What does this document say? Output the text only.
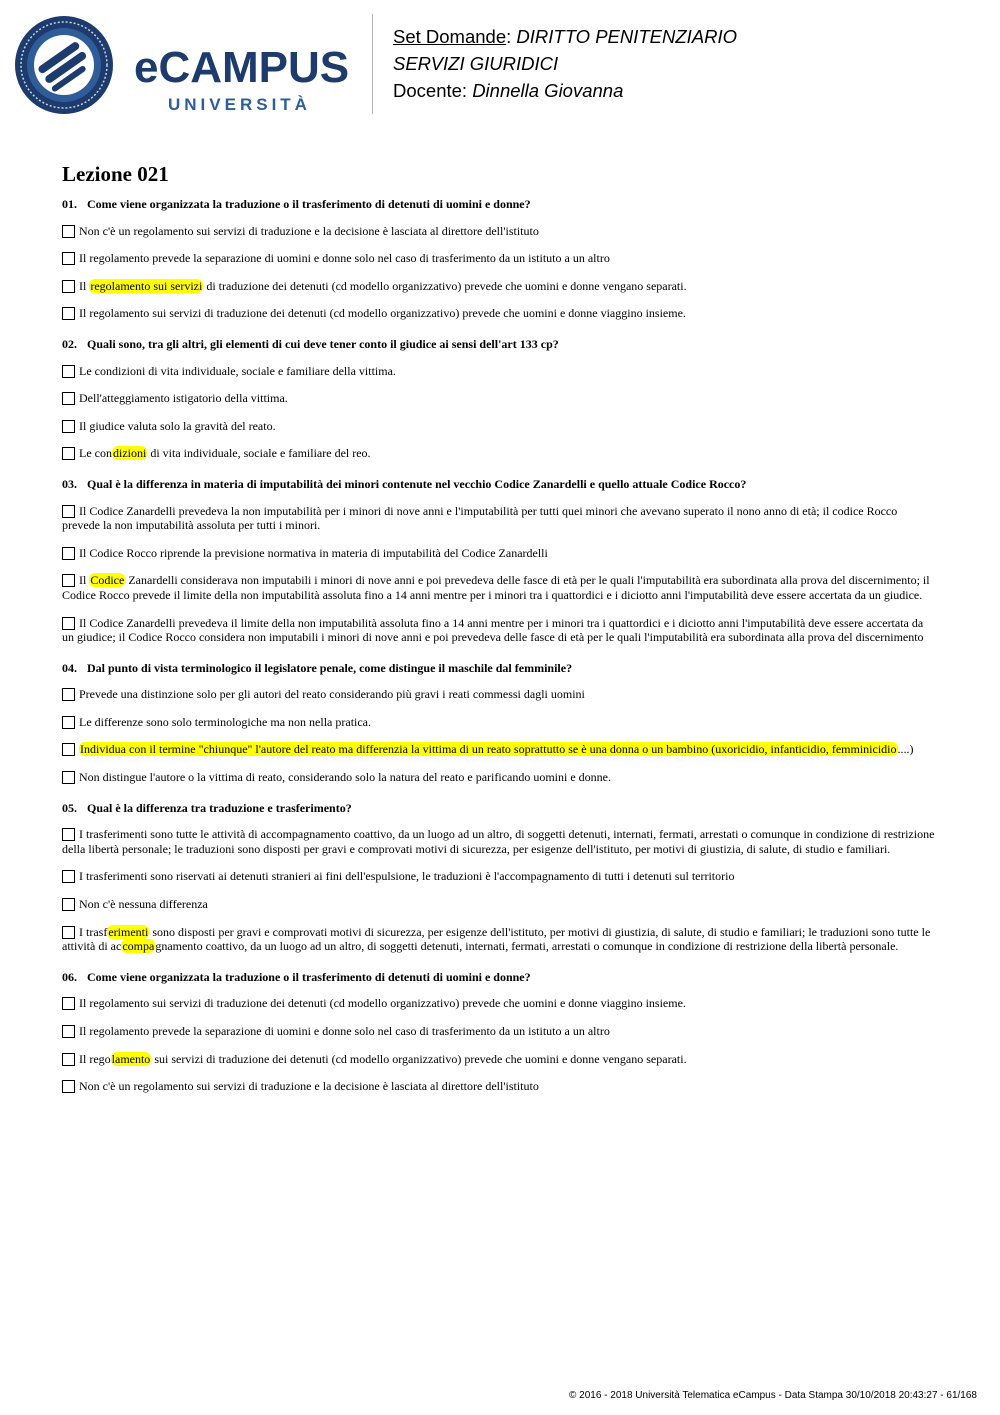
eCAMPUS
UNIVERSITÀ
Set Domande: DIRITTO PENITENZIARIO
SERVIZI GIURIDICI
Docente: Dinnella Giovanna
Lezione 021
01. Come viene organizzata la traduzione o il trasferimento di detenuti di uomini e donne?
Non c'è un regolamento sui servizi di traduzione e la decisione è lasciata al direttore dell'istituto
Il regolamento prevede la separazione di uomini e donne solo nel caso di trasferimento da un istituto a un altro
Il regolamento sui servizi di traduzione dei detenuti (cd modello organizzativo) prevede che uomini e donne vengano separati.
Il regolamento sui servizi di traduzione dei detenuti (cd modello organizzativo) prevede che uomini e donne viaggino insieme.
02. Quali sono, tra gli altri, gli elementi di cui deve tener conto il giudice ai sensi dell'art 133 cp?
Le condizioni di vita individuale, sociale e familiare della vittima.
Dell'atteggiamento istigatorio della vittima.
Il giudice valuta solo la gravità del reato.
Le condizioni di vita individuale, sociale e familiare del reo.
03. Qual è la differenza in materia di imputabilità dei minori contenute nel vecchio Codice Zanardelli e quello attuale Codice Rocco?
Il Codice Zanardelli prevedeva la non imputabilità per i minori di nove anni e l'imputabilità per tutti quei minori che avevano superato il nono anno di età; il codice Rocco prevede la non imputabilità assoluta per tutti i minori.
Il Codice Rocco riprende la previsione normativa in materia di imputabilità del Codice Zanardelli
Il Codice Zanardelli considerava non imputabili i minori di nove anni e poi prevedeva delle fasce di età per le quali l'imputabilità era subordinata alla prova del discernimento; il Codice Rocco prevede il limite della non imputabilità assoluta fino a 14 anni mentre per i minori tra i quattordici e i diciotto anni l'imputabilità deve essere accertata da un giudice.
Il Codice Zanardelli prevedeva il limite della non imputabilità assoluta fino a 14 anni mentre per i minori tra i quattordici e i diciotto anni l'imputabilità deve essere accertata da un giudice; il Codice Rocco considera non imputabili i minori di nove anni e poi prevedeva delle fasce di età per le quali l'imputabilità era subordinata alla prova del discernimento
04. Dal punto di vista terminologico il legislatore penale, come distingue il maschile dal femminile?
Prevede una distinzione solo per gli autori del reato considerando più gravi i reati commessi dagli uomini
Le differenze sono solo terminologiche ma non nella pratica.
Individua con il termine "chiunque" l'autore del reato ma differenzia la vittima di un reato soprattutto se è una donna o un bambino (uxoricidio, infanticidio, femminicidio....)
Non distingue l'autore o la vittima di reato, considerando solo la natura del reato e parificando uomini e donne.
05. Qual è la differenza tra traduzione e trasferimento?
I trasferimenti sono tutte le attività di accompagnamento coattivo, da un luogo ad un altro, di soggetti detenuti, internati, fermati, arrestati o comunque in condizione di restrizione della libertà personale; le traduzioni sono disposti per gravi e comprovati motivi di sicurezza, per esigenze dell'istituto, per motivi di giustizia, di salute, di studio e familiari.
I trasferimenti sono riservati ai detenuti stranieri ai fini dell'espulsione, le traduzioni è l'accompagnamento di tutti i detenuti sul territorio
Non c'è nessuna differenza
I trasferimenti sono disposti per gravi e comprovati motivi di sicurezza, per esigenze dell'istituto, per motivi di giustizia, di salute, di studio e familiari; le traduzioni sono tutte le attività di accompagnamento coattivo, da un luogo ad un altro, di soggetti detenuti, internati, fermati, arrestati o comunque in condizione di restrizione della libertà personale.
06. Come viene organizzata la traduzione o il trasferimento di detenuti di uomini e donne?
Il regolamento sui servizi di traduzione dei detenuti (cd modello organizzativo) prevede che uomini e donne viaggino insieme.
Il regolamento prevede la separazione di uomini e donne solo nel caso di trasferimento da un istituto a un altro
Il regolamento sui servizi di traduzione dei detenuti (cd modello organizzativo) prevede che uomini e donne vengano separati.
Non c'è un regolamento sui servizi di traduzione e la decisione è lasciata al direttore dell'istituto
© 2016 - 2018 Università Telematica eCampus - Data Stampa 30/10/2018 20:43:27 - 61/168
